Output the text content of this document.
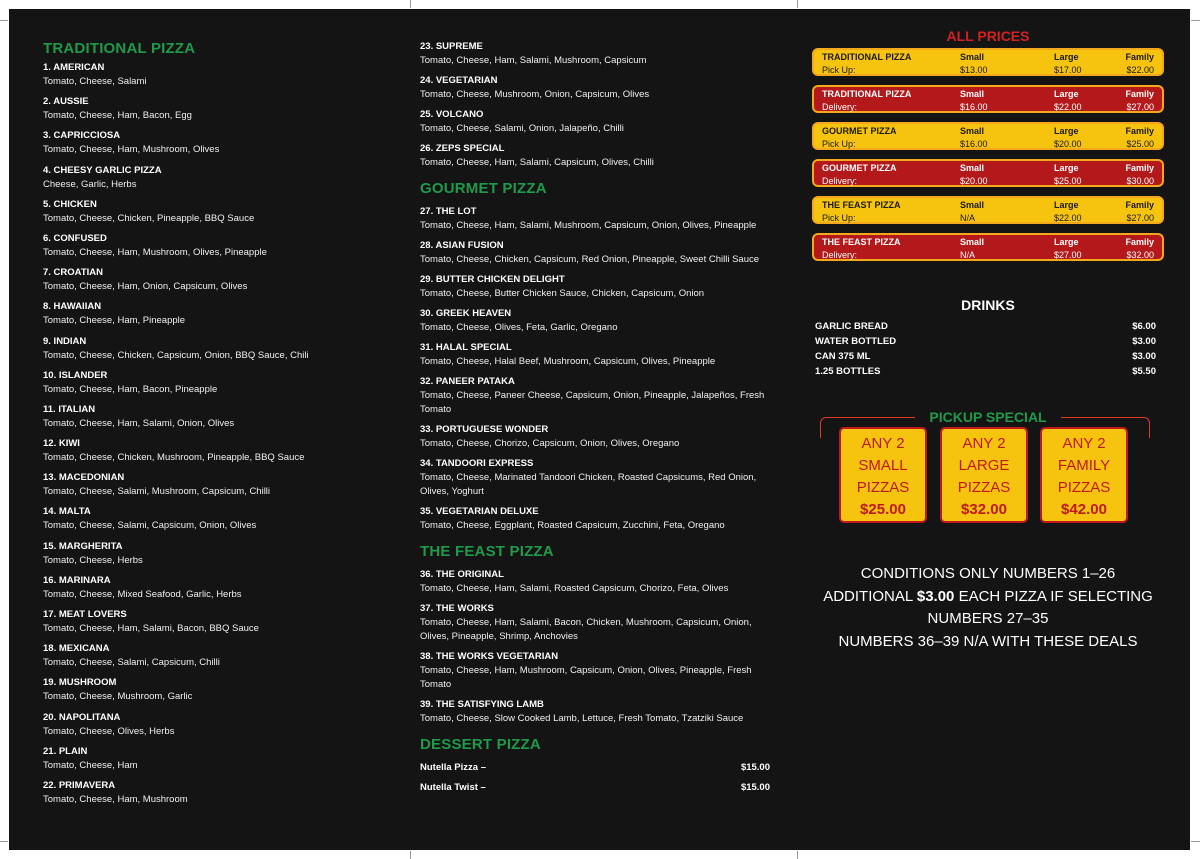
TRADITIONAL PIZZA
1. AMERICAN
Tomato, Cheese, Salami
2. AUSSIE
Tomato, Cheese, Ham, Bacon, Egg
3. CAPRICCIOSA
Tomato, Cheese, Ham, Mushroom, Olives
4. CHEESY GARLIC PIZZA
Cheese, Garlic, Herbs
5. CHICKEN
Tomato, Cheese, Chicken, Pineapple, BBQ Sauce
6. CONFUSED
Tomato, Cheese, Ham, Mushroom, Olives, Pineapple
7. CROATIAN
Tomato, Cheese, Ham, Onion, Capsicum, Olives
8. HAWAIIAN
Tomato, Cheese, Ham, Pineapple
9. INDIAN
Tomato, Cheese, Chicken, Capsicum, Onion, BBQ Sauce, Chili
10. ISLANDER
Tomato, Cheese, Ham, Bacon, Pineapple
11. ITALIAN
Tomato, Cheese, Ham, Salami, Onion, Olives
12. KIWI
Tomato, Cheese, Chicken, Mushroom, Pineapple, BBQ Sauce
13. MACEDONIAN
Tomato, Cheese, Salami, Mushroom, Capsicum, Chilli
14. MALTA
Tomato, Cheese, Salami, Capsicum, Onion, Olives
15. MARGHERITA
Tomato, Cheese, Herbs
16. MARINARA
Tomato, Cheese, Mixed Seafood, Garlic, Herbs
17. MEAT LOVERS
Tomato, Cheese, Ham, Salami, Bacon, BBQ Sauce
18. MEXICANA
Tomato, Cheese, Salami, Capsicum, Chilli
19. MUSHROOM
Tomato, Cheese, Mushroom, Garlic
20. NAPOLITANA
Tomato, Cheese, Olives, Herbs
21. PLAIN
Tomato, Cheese, Ham
22. PRIMAVERA
Tomato, Cheese, Ham, Mushroom
23. SUPREME
Tomato, Cheese, Ham, Salami, Mushroom, Capsicum
24. VEGETARIAN
Tomato, Cheese, Mushroom, Onion, Capsicum, Olives
25. VOLCANO
Tomato, Cheese, Salami, Onion, Jalapeño, Chilli
26. ZEPS SPECIAL
Tomato, Cheese, Ham, Salami, Capsicum, Olives, Chilli
GOURMET PIZZA
27. THE LOT
Tomato, Cheese, Ham, Salami, Mushroom, Capsicum, Onion, Olives, Pineapple
28. ASIAN FUSION
Tomato, Cheese, Chicken, Capsicum, Red Onion, Pineapple, Sweet Chilli Sauce
29. BUTTER CHICKEN DELIGHT
Tomato, Cheese, Butter Chicken Sauce, Chicken, Capsicum, Onion
30. GREEK HEAVEN
Tomato, Cheese, Olives, Feta, Garlic, Oregano
31. HALAL SPECIAL
Tomato, Cheese, Halal Beef, Mushroom, Capsicum, Olives, Pineapple
32. PANEER PATAKA
Tomato, Cheese, Paneer Cheese, Capsicum, Onion, Pineapple, Jalapeños, Fresh Tomato
33. PORTUGUESE WONDER
Tomato, Cheese, Chorizo, Capsicum, Onion, Olives, Oregano
34. TANDOORI EXPRESS
Tomato, Cheese, Marinated Tandoori Chicken, Roasted Capsicums, Red Onion, Olives, Yoghurt
35. VEGETARIAN DELUXE
Tomato, Cheese, Eggplant, Roasted Capsicum, Zucchini, Feta, Oregano
THE FEAST PIZZA
36. THE ORIGINAL
Tomato, Cheese, Ham, Salami, Roasted Capsicum, Chorizo, Feta, Olives
37. THE WORKS
Tomato, Cheese, Ham, Salami, Bacon, Chicken, Mushroom, Capsicum, Onion, Olives, Pineapple, Shrimp, Anchovies
38. THE WORKS VEGETARIAN
Tomato, Cheese, Ham, Mushroom, Capsicum, Onion, Olives, Pineapple, Fresh Tomato
39. THE SATISFYING LAMB
Tomato, Cheese, Slow Cooked Lamb, Lettuce, Fresh Tomato, Tzatziki Sauce
DESSERT PIZZA
Nutella Pizza –	$15.00
Nutella Twist –	$15.00
ALL PRICES
TRADITIONAL PIZZA	Small	Large	Family
Pick Up:	$13.00	$17.00	$22.00
TRADITIONAL PIZZA	Small	Large	Family
Delivery:	$16.00	$22.00	$27.00
GOURMET PIZZA	Small	Large	Family
Pick Up:	$16.00	$20.00	$25.00
GOURMET PIZZA	Small	Large	Family
Delivery:	$20.00	$25.00	$30.00
THE FEAST PIZZA	Small	Large	Family
Pick Up:	N/A	$22.00	$27.00
THE FEAST PIZZA	Small	Large	Family
Delivery:	N/A	$27.00	$32.00
DRINKS
GARLIC BREAD	$6.00
WATER BOTTLED	$3.00
CAN 375 ML	$3.00
1.25 BOTTLES	$5.50
PICKUP SPECIAL
ANY 2
SMALL
PIZZAS
$25.00
ANY 2
LARGE
PIZZAS
$32.00
ANY 2
FAMILY
PIZZAS
$42.00
CONDITIONS ONLY NUMBERS 1–26
ADDITIONAL $3.00 EACH PIZZA IF SELECTING
NUMBERS 27–35
NUMBERS 36–39 N/A WITH THESE DEALS
